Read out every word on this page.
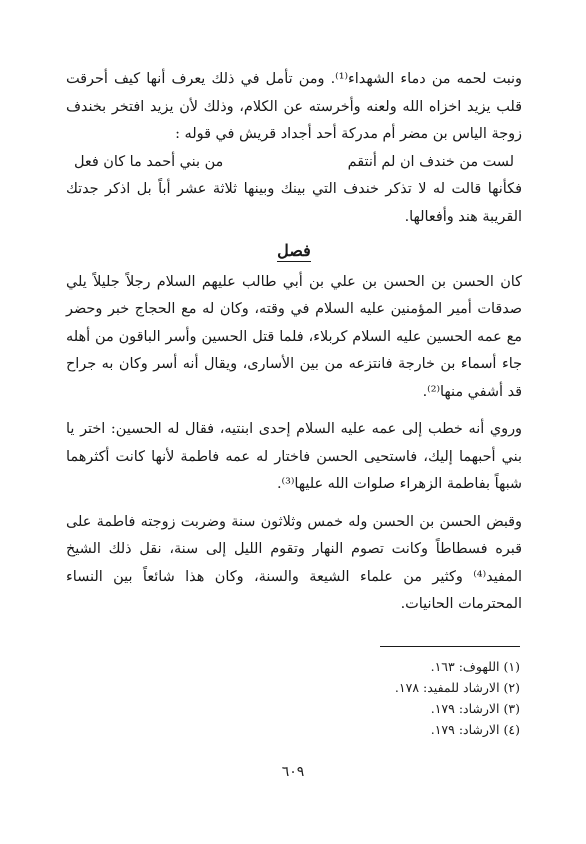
ونبت لحمه من دماء الشهداء⁽¹⁾. ومن تأمل في ذلك يعرف أنها كيف أحرقت قلب يزيد اخزاه الله ولعنه وأخرسته عن الكلام، وذلك لأن يزيد افتخر بخندف زوجة الياس بن مضر أم مدركة أحد أجداد قريش في قوله :

لست من خندف ان لم أنتقم
من بني أحمد ما كان فعل

فكأنها قالت له لا تذكر خندف التي بينك وبينها ثلاثة عشر أباً بل اذكر جدتك القريبة هند وأفعالها.

فصل

كان الحسن بن الحسن بن علي بن أبي طالب عليهم السلام رجلاً جليلاً يلي صدقات أمير المؤمنين عليه السلام في وقته، وكان له مع الحجاج خبر وحضر مع عمه الحسين عليه السلام كربلاء، فلما قتل الحسين وأسر الباقون من أهله جاء أسماء بن خارجة فانتزعه من بين الأسارى، ويقال أنه أسر وكان به جراح قد أشفي منها⁽²⁾.

وروي أنه خطب إلى عمه عليه السلام إحدى ابنتيه، فقال له الحسين: اختر يا بني أحبهما إليك، فاستحيى الحسن فاختار له عمه فاطمة لأنها كانت أكثرهما شبهاً بفاطمة الزهراء صلوات الله عليها⁽³⁾.

وقبض الحسن بن الحسن وله خمس وثلاثون سنة وضربت زوجته فاطمة على قبره فسطاطاً وكانت تصوم النهار وتقوم الليل إلى سنة، نقل ذلك الشيخ المفيد⁽⁴⁾ وكثير من علماء الشيعة والسنة، وكان هذا شائعاً بين النساء المحترمات الحانيات.

(١) اللهوف: ١٦٣.
(٢) الارشاد للمفيد: ١٧٨.
(٣) الارشاد: ١٧٩.
(٤) الارشاد: ١٧٩.
٦٠٩
